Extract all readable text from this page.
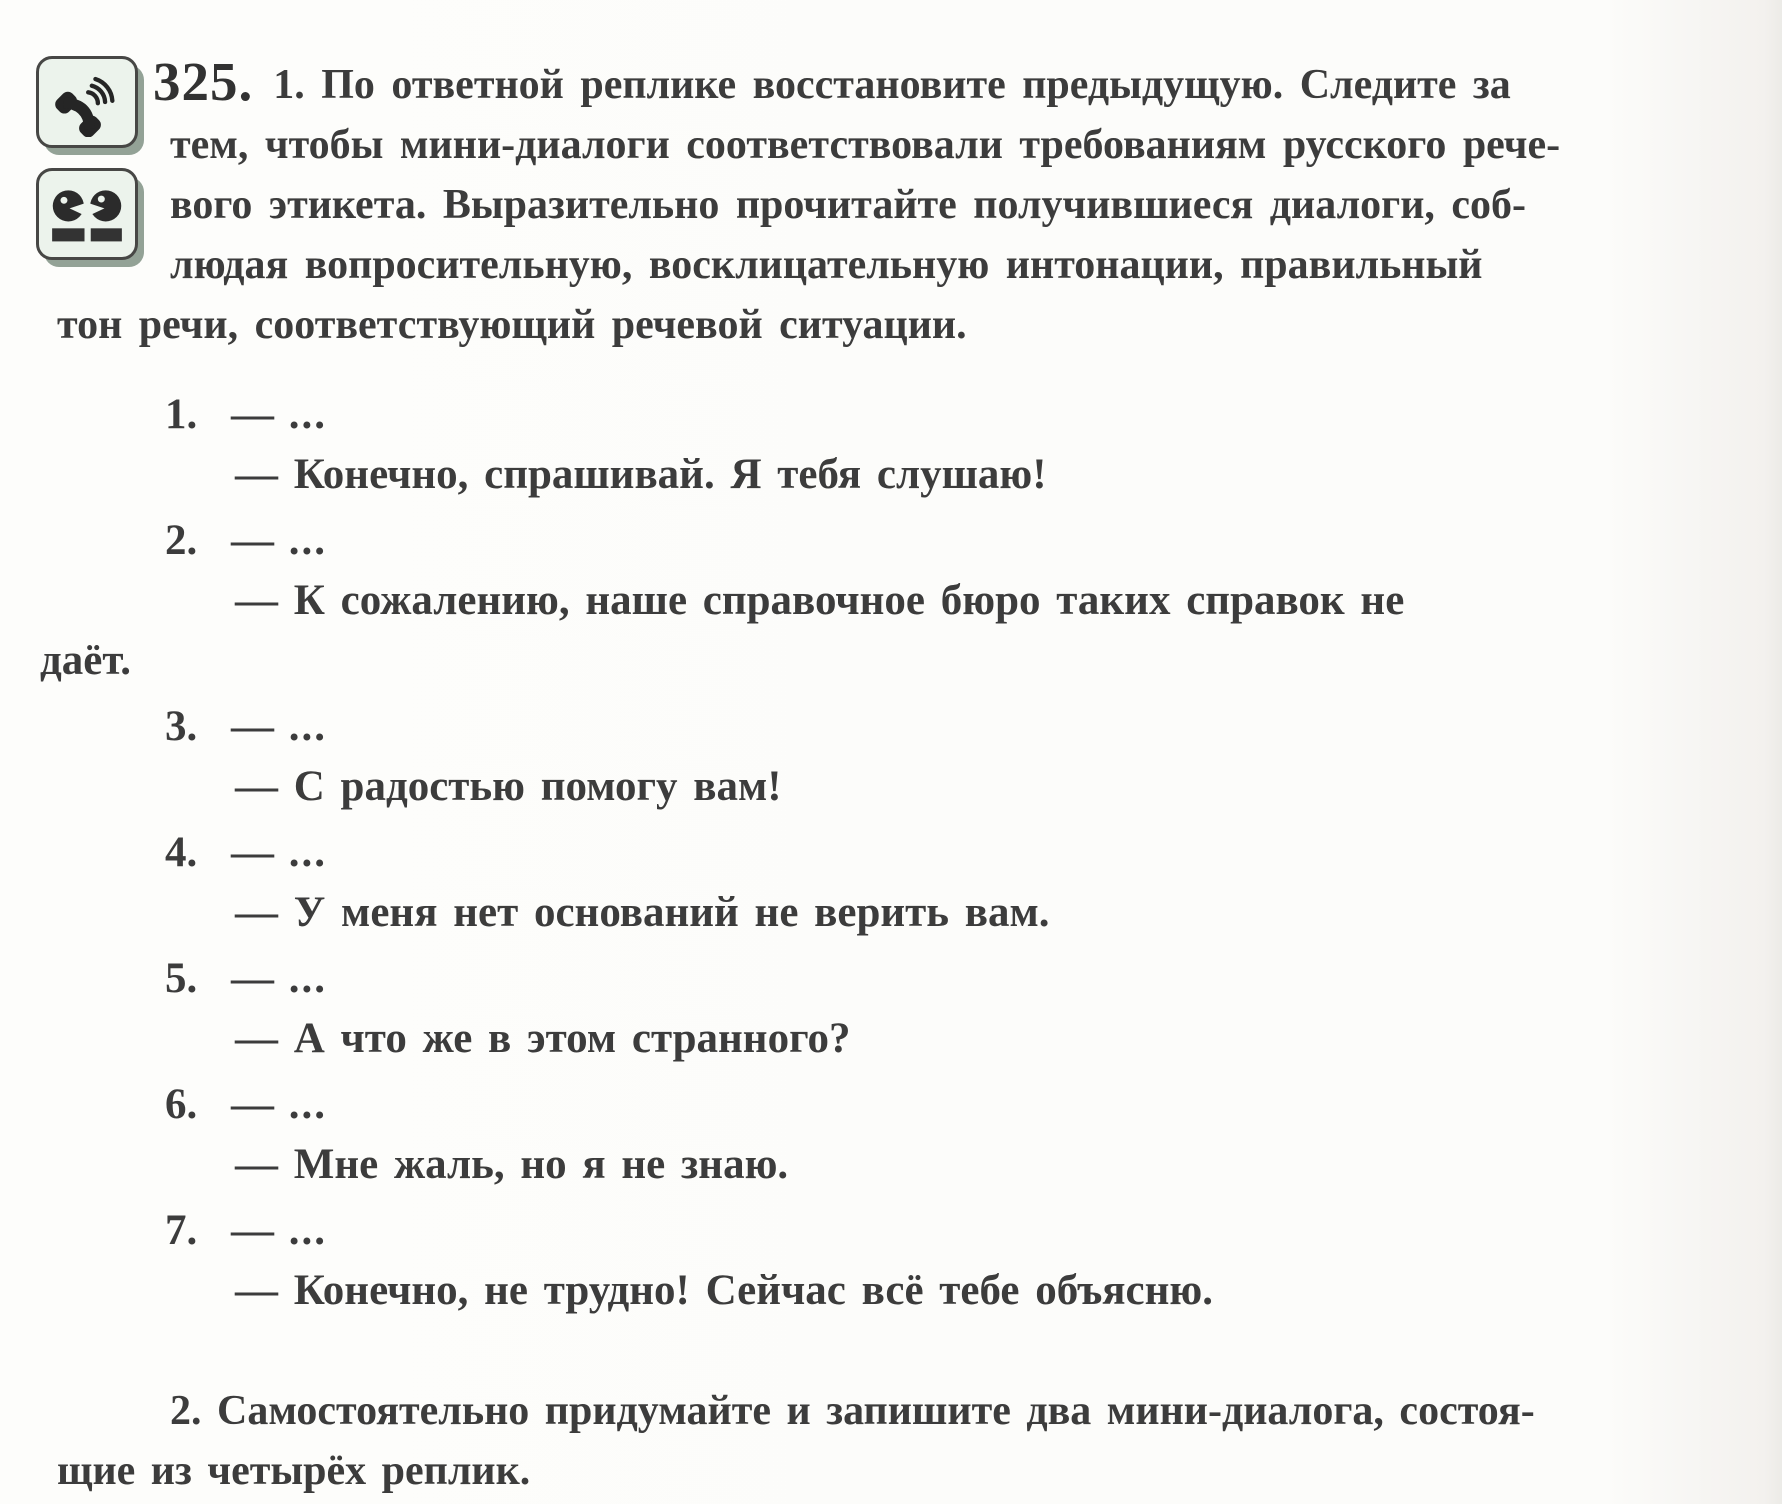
325. 1. По ответной реплике восстановите предыдущую. Следите за
тем, чтобы мини-диалоги соответствовали требованиям русского рече-
вого этикета. Выразительно прочитайте получившиеся диалоги, соб-
людая вопросительную, восклицательную интонации, правильный
тон речи, соответствующий речевой ситуации.
1. — ...
— Конечно, спрашивай. Я тебя слушаю!
2. — ...
— К сожалению, наше справочное бюро таких справок не
даёт.
3. — ...
— С радостью помогу вам!
4. — ...
— У меня нет оснований не верить вам.
5. — ...
— А что же в этом странного?
6. — ...
— Мне жаль, но я не знаю.
7. — ...
— Конечно, не трудно! Сейчас всё тебе объясню.
2. Самостоятельно придумайте и запишите два мини-диалога, состоя-
щие из четырёх реплик.
